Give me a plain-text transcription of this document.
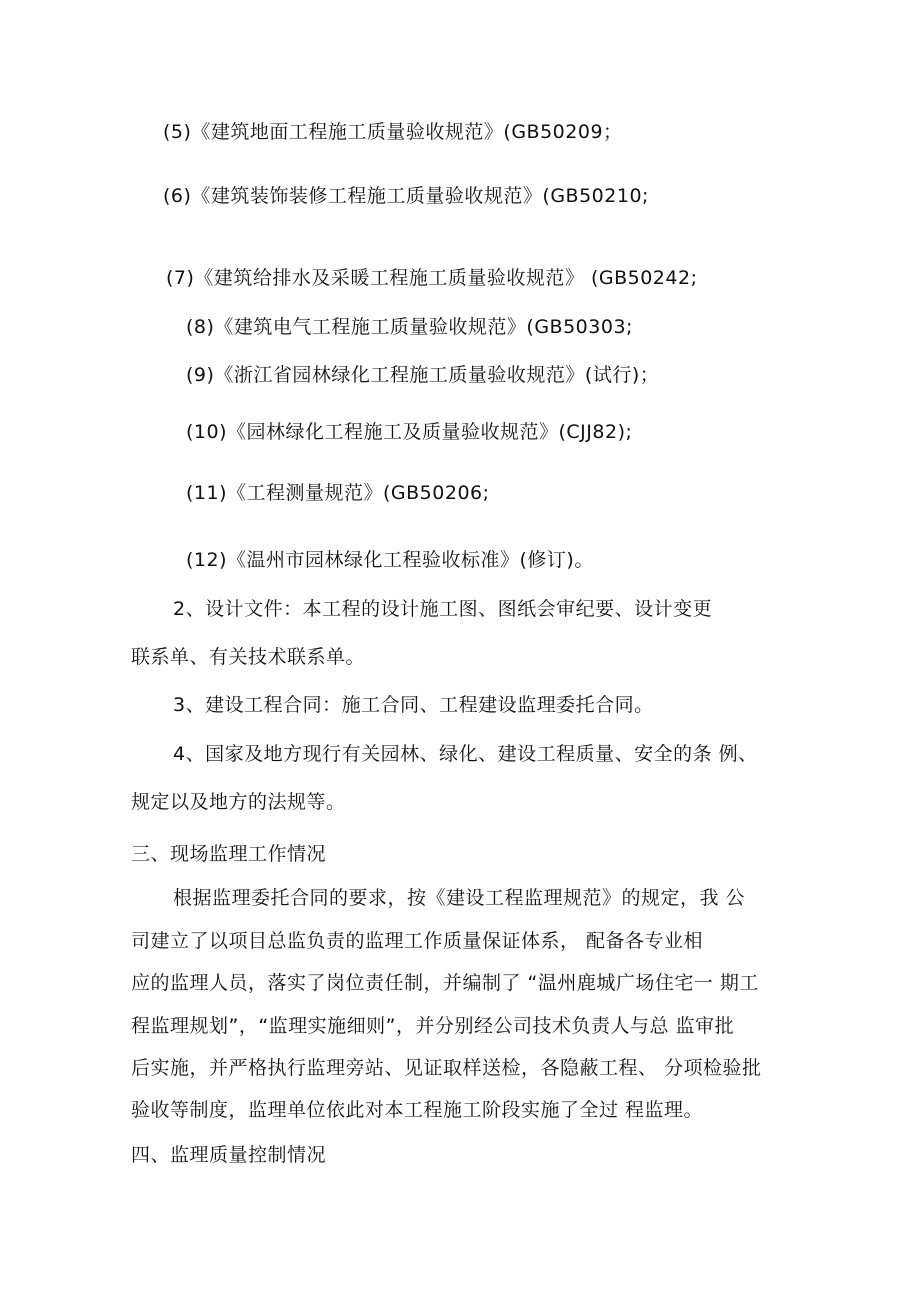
(5)《建筑地面工程施工质量验收规范》(GB50209；
(6)《建筑装饰装修工程施工质量验收规范》(GB50210;
(7)《建筑给排水及采暖工程施工质量验收规范》 (GB50242;
(8)《建筑电气工程施工质量验收规范》(GB50303;
(9)《浙江省园林绿化工程施工质量验收规范》(试行)；
(10)《园林绿化工程施工及质量验收规范》(CJJ82);
(11)《工程测量规范》(GB50206;
(12)《温州市园林绿化工程验收标准》(修订)。
2、设计文件：本工程的设计施工图、图纸会审纪要、设计变更
联系单、有关技术联系单。
3、建设工程合同：施工合同、工程建设监理委托合同。
4、国家及地方现行有关园林、绿化、建设工程质量、安全的条 例、
规定以及地方的法规等。
三、现场监理工作情况
根据监理委托合同的要求，按《建设工程监理规范》的规定，我 公
司建立了以项目总监负责的监理工作质量保证体系， 配备各专业相
应的监理人员，落实了岗位责任制，并编制了 “温州鹿城广场住宅一 期工
程监理规划”，“监理实施细则”，并分别经公司技术负责人与总 监审批
后实施，并严格执行监理旁站、见证取样送检，各隐蔽工程、 分项检验批
验收等制度，监理单位依此对本工程施工阶段实施了全过 程监理。
四、监理质量控制情况
